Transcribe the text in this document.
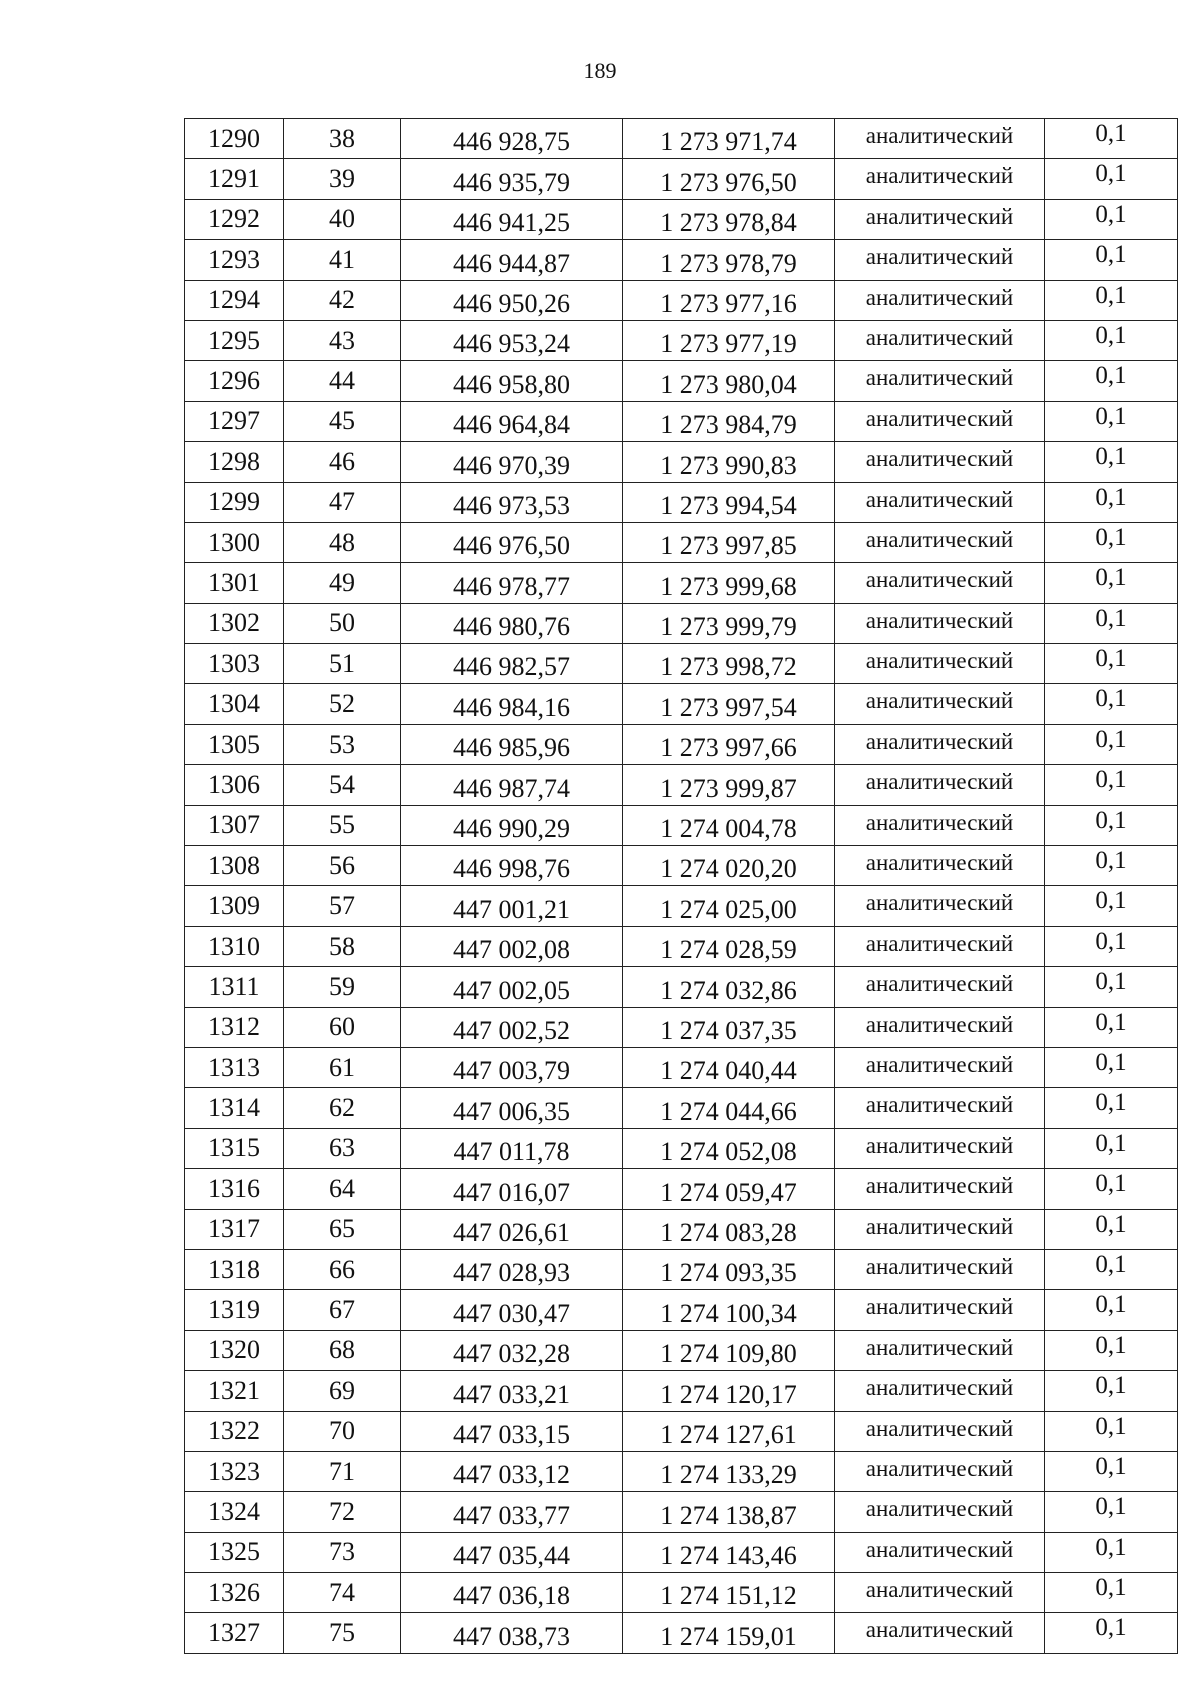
189
1290	38	446 928,75	1 273 971,74	аналитический	0,1
1291	39	446 935,79	1 273 976,50	аналитический	0,1
1292	40	446 941,25	1 273 978,84	аналитический	0,1
1293	41	446 944,87	1 273 978,79	аналитический	0,1
1294	42	446 950,26	1 273 977,16	аналитический	0,1
1295	43	446 953,24	1 273 977,19	аналитический	0,1
1296	44	446 958,80	1 273 980,04	аналитический	0,1
1297	45	446 964,84	1 273 984,79	аналитический	0,1
1298	46	446 970,39	1 273 990,83	аналитический	0,1
1299	47	446 973,53	1 273 994,54	аналитический	0,1
1300	48	446 976,50	1 273 997,85	аналитический	0,1
1301	49	446 978,77	1 273 999,68	аналитический	0,1
1302	50	446 980,76	1 273 999,79	аналитический	0,1
1303	51	446 982,57	1 273 998,72	аналитический	0,1
1304	52	446 984,16	1 273 997,54	аналитический	0,1
1305	53	446 985,96	1 273 997,66	аналитический	0,1
1306	54	446 987,74	1 273 999,87	аналитический	0,1
1307	55	446 990,29	1 274 004,78	аналитический	0,1
1308	56	446 998,76	1 274 020,20	аналитический	0,1
1309	57	447 001,21	1 274 025,00	аналитический	0,1
1310	58	447 002,08	1 274 028,59	аналитический	0,1
1311	59	447 002,05	1 274 032,86	аналитический	0,1
1312	60	447 002,52	1 274 037,35	аналитический	0,1
1313	61	447 003,79	1 274 040,44	аналитический	0,1
1314	62	447 006,35	1 274 044,66	аналитический	0,1
1315	63	447 011,78	1 274 052,08	аналитический	0,1
1316	64	447 016,07	1 274 059,47	аналитический	0,1
1317	65	447 026,61	1 274 083,28	аналитический	0,1
1318	66	447 028,93	1 274 093,35	аналитический	0,1
1319	67	447 030,47	1 274 100,34	аналитический	0,1
1320	68	447 032,28	1 274 109,80	аналитический	0,1
1321	69	447 033,21	1 274 120,17	аналитический	0,1
1322	70	447 033,15	1 274 127,61	аналитический	0,1
1323	71	447 033,12	1 274 133,29	аналитический	0,1
1324	72	447 033,77	1 274 138,87	аналитический	0,1
1325	73	447 035,44	1 274 143,46	аналитический	0,1
1326	74	447 036,18	1 274 151,12	аналитический	0,1
1327	75	447 038,73	1 274 159,01	аналитический	0,1
